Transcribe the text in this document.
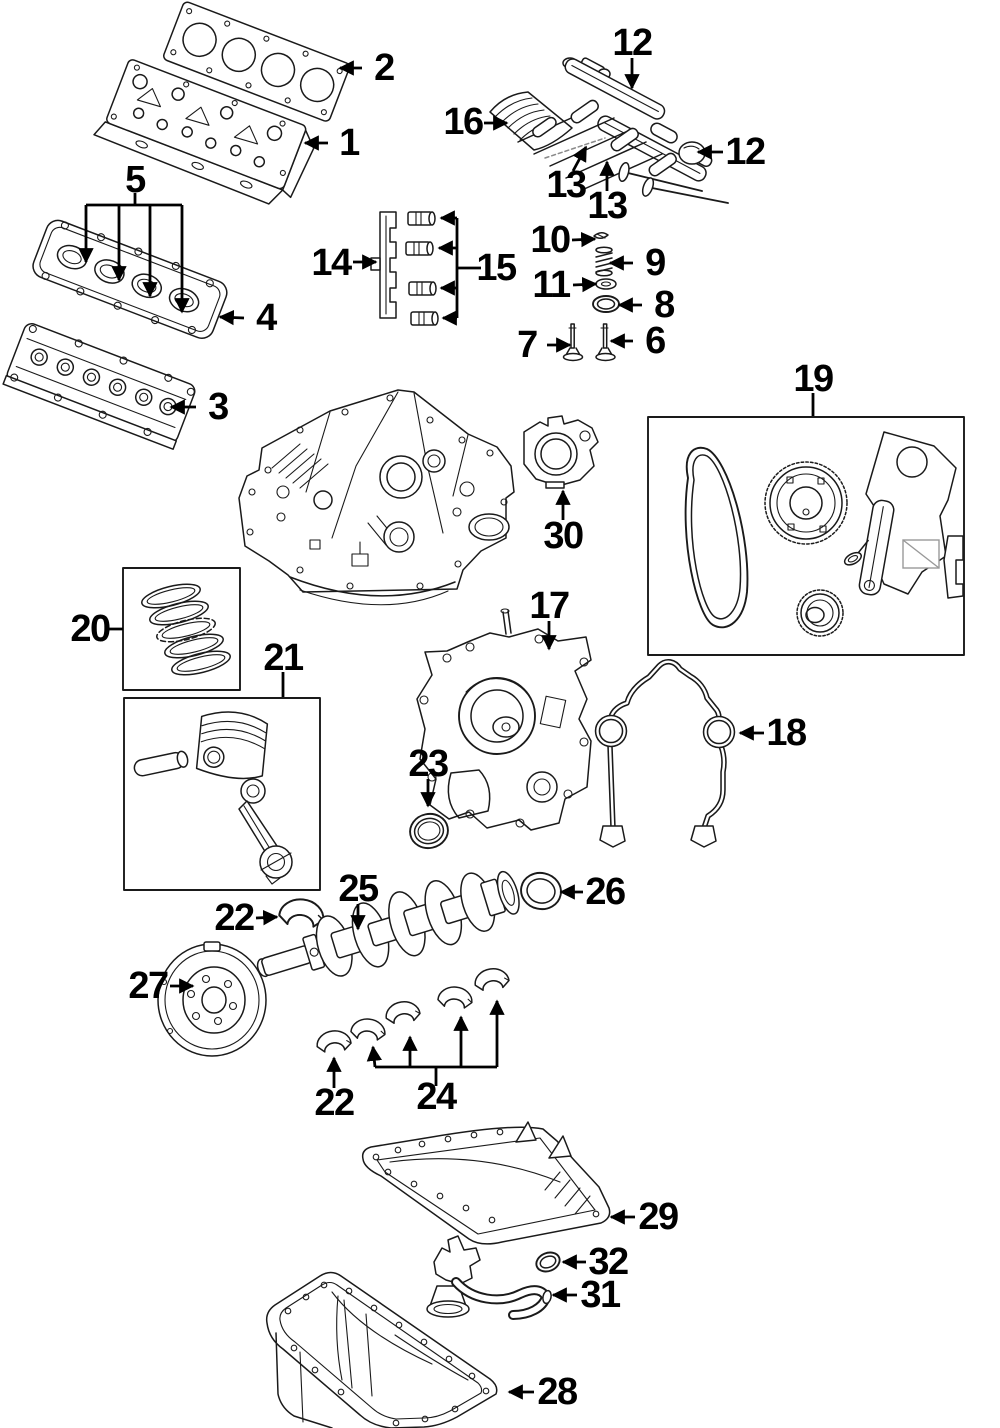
1
2
3
4
5
6
7
8
9
10
11
12
12
13 13
14	15
16
17
18
19
20
21
22
22
23
24
25	26
27
28
29
30
31
32
